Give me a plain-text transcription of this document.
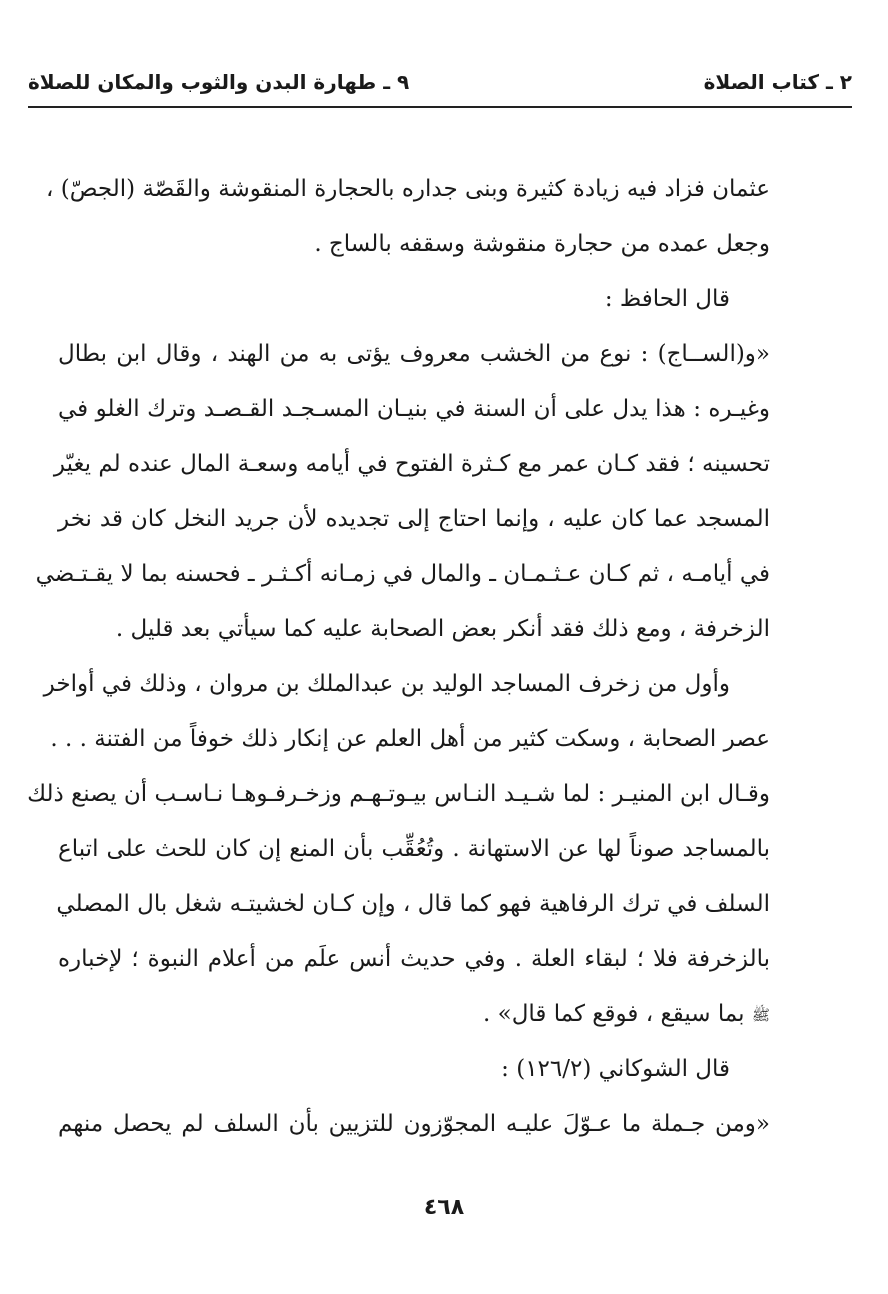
٢ ـ كتاب الصلاة
٩ ـ طهارة البدن والثوب والمكان للصلاة
عثمان فزاد فيه زيادة كثيرة وبنى جداره بالحجارة المنقوشة والقَصّة (الجصّ) ،
وجعل عمده من حجارة منقوشة وسقفه بالساج .
قال الحافظ :
«و(الســاج) : نوع من الخشب معروف يؤتى به من الهند ، وقال ابن بطال
وغيـره : هذا يدل على أن السنة في بنيـان المسـجـد القـصـد وترك الغلو في
تحسينه ؛ فقد كـان عمر مع كـثرة الفتوح في أيامه وسعـة المال عنده لم يغيّر
المسجد عما كان عليه ، وإنما احتاج إلى تجديده لأن جريد النخل كان قد نخر
في أيامـه ، ثم كـان عـثـمـان ـ والمال في زمـانه أكـثـر ـ فحسنه بما لا يقـتـضي
الزخرفة ، ومع ذلك فقد أنكر بعض الصحابة عليه كما سيأتي بعد قليل .
وأول من زخرف المساجد الوليد بن عبدالملك بن مروان ، وذلك في أواخر
عصر الصحابة ، وسكت كثير من أهل العلم عن إنكار ذلك خوفاً من الفتنة . . .
وقـال ابن المنيـر : لما شـيـد النـاس بيـوتـهـم وزخـرفـوهـا نـاسـب أن يصنع ذلك
بالمساجد صوناً لها عن الاستهانة . وتُعُقِّب بأن المنع إن كان للحث على اتباع
السلف في ترك الرفاهية فهو كما قال ، وإن كـان لخشيتـه شغل بال المصلي
بالزخرفة فلا ؛ لبقاء العلة . وفي حديث أنس علَم من أعلام النبوة ؛ لإخباره
ﷺ بما سيقع ، فوقع كما قال» .
قال الشوكاني (١٢٦/٢) :
«ومن جـملة ما عـوّلَ عليـه المجوّزون للتزيين بأن السلف لم يحصل منهم
٤٦٨
